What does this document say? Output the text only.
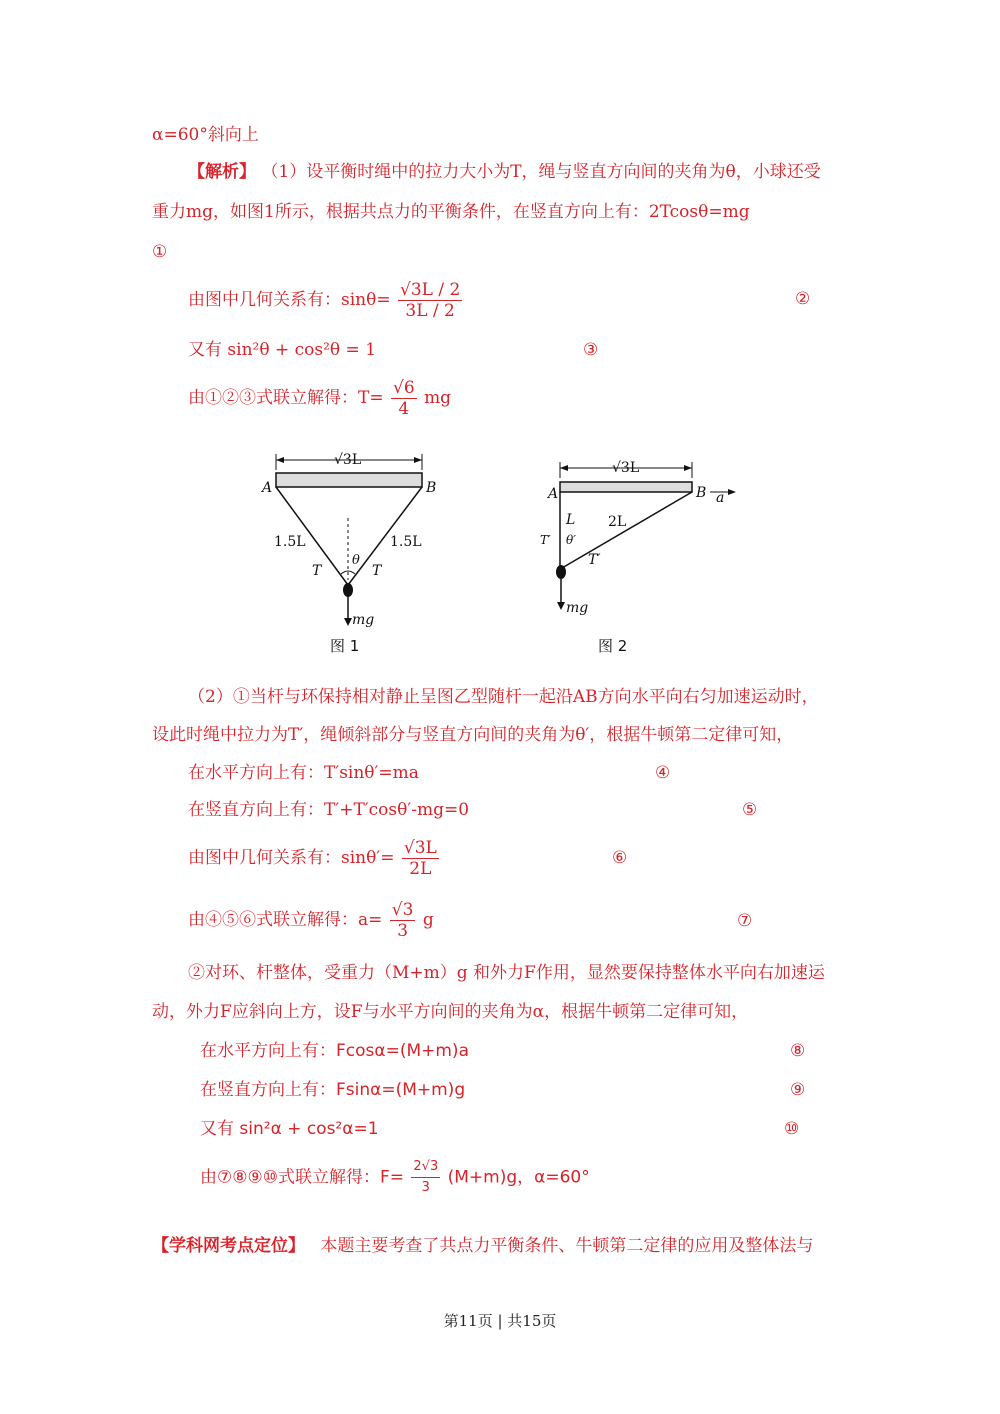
α=60°斜向上
【解析】 （1）设平衡时绳中的拉力大小为T，绳与竖直方向间的夹角为θ，小球还受
重力mg，如图1所示，根据共点力的平衡条件，在竖直方向上有：2Tcosθ=mg
①
由图中几何关系有：$\sin\theta= \frac{√3L / 2}{3L / 2}$	②
又有 sin²θ + cos²θ = 1	③
由①②③式联立解得：$T= \frac{√6}{4}$ mg
√3L
A	B
θ
1.5L	1.5L
T	T
mg
图 1
√3L
A	B a
L 2L
T′ θ′
T′
mg
图 2
（2）①当杆与环保持相对静止呈图乙型随杆一起沿AB方向水平向右匀加速运动时，
设此时绳中拉力为T′，绳倾斜部分与竖直方向间的夹角为θ′，根据牛顿第二定律可知，
在水平方向上有：T′sinθ′=ma	④
在竖直方向上有：T′+T′cosθ′-mg=0	⑤
由图中几何关系有：$\sin\theta'= \frac{√3L}{2L}$	⑥
由④⑤⑥式联立解得：$a= \frac{√3}{3}$ g	⑦
②对环、杆整体，受重力（M+m）g 和外力F作用，显然要保持整体水平向右加速运
动，外力F应斜向上方，设F与水平方向间的夹角为α，根据牛顿第二定律可知，
在水平方向上有：Fcosα=(M+m)a	⑧
在竖直方向上有：Fsinα=(M+m)g	⑨
又有 sin²α + cos²α=1	⑩
由⑦⑧⑨⑩式联立解得：$F= \frac{2√3}{3} (M+m)g$，α=60°
【学科网考点定位】 本题主要考查了共点力平衡条件、牛顿第二定律的应用及整体法与
第11页 | 共15页
